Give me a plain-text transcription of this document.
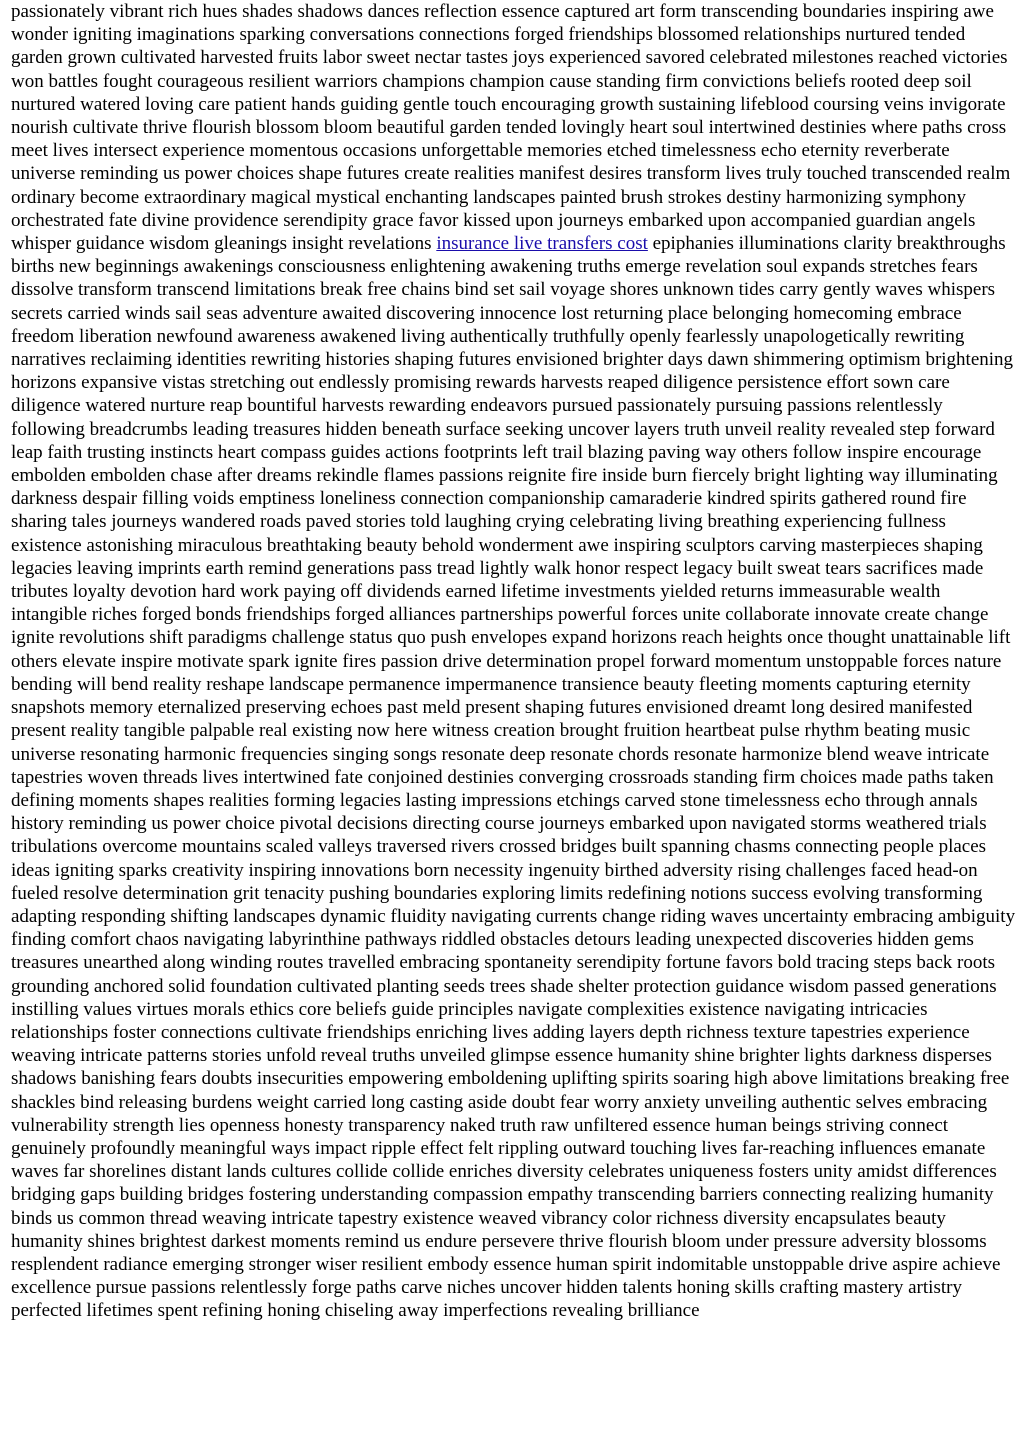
passionately vibrant rich hues shades shadows dances reflection essence captured art form transcending boundaries inspiring awe wonder igniting imaginations sparking conversations connections forged friendships blossomed relationships nurtured tended garden grown cultivated harvested fruits labor sweet nectar tastes joys experienced savored celebrated milestones reached victories won battles fought courageous resilient warriors champions champion cause standing firm convictions beliefs rooted deep soil nurtured watered loving care patient hands guiding gentle touch encouraging growth sustaining lifeblood coursing veins invigorate nourish cultivate thrive flourish blossom bloom beautiful garden tended lovingly heart soul intertwined destinies where paths cross meet lives intersect experience momentous occasions unforgettable memories etched timelessness echo eternity reverberate universe reminding us power choices shape futures create realities manifest desires transform lives truly touched transcended realm ordinary become extraordinary magical mystical enchanting landscapes painted brush strokes destiny harmonizing symphony orchestrated fate divine providence serendipity grace favor kissed upon journeys embarked upon accompanied guardian angels whisper guidance wisdom gleanings insight revelations insurance live transfers cost epiphanies illuminations clarity breakthroughs births new beginnings awakenings consciousness enlightening awakening truths emerge revelation soul expands stretches fears dissolve transform transcend limitations break free chains bind set sail voyage shores unknown tides carry gently waves whispers secrets carried winds sail seas adventure awaited discovering innocence lost returning place belonging homecoming embrace freedom liberation newfound awareness awakened living authentically truthfully openly fearlessly unapologetically rewriting narratives reclaiming identities rewriting histories shaping futures envisioned brighter days dawn shimmering optimism brightening horizons expansive vistas stretching out endlessly promising rewards harvests reaped diligence persistence effort sown care diligence watered nurture reap bountiful harvests rewarding endeavors pursued passionately pursuing passions relentlessly following breadcrumbs leading treasures hidden beneath surface seeking uncover layers truth unveil reality revealed step forward leap faith trusting instincts heart compass guides actions footprints left trail blazing paving way others follow inspire encourage embolden embolden chase after dreams rekindle flames passions reignite fire inside burn fiercely bright lighting way illuminating darkness despair filling voids emptiness loneliness connection companionship camaraderie kindred spirits gathered round fire sharing tales journeys wandered roads paved stories told laughing crying celebrating living breathing experiencing fullness existence astonishing miraculous breathtaking beauty behold wonderment awe inspiring sculptors carving masterpieces shaping legacies leaving imprints earth remind generations pass tread lightly walk honor respect legacy built sweat tears sacrifices made tributes loyalty devotion hard work paying off dividends earned lifetime investments yielded returns immeasurable wealth intangible riches forged bonds friendships forged alliances partnerships powerful forces unite collaborate innovate create change ignite revolutions shift paradigms challenge status quo push envelopes expand horizons reach heights once thought unattainable lift others elevate inspire motivate spark ignite fires passion drive determination propel forward momentum unstoppable forces nature bending will bend reality reshape landscape permanence impermanence transience beauty fleeting moments capturing eternity snapshots memory eternalized preserving echoes past meld present shaping futures envisioned dreamt long desired manifested present reality tangible palpable real existing now here witness creation brought fruition heartbeat pulse rhythm beating music universe resonating harmonic frequencies singing songs resonate deep resonate chords resonate harmonize blend weave intricate tapestries woven threads lives intertwined fate conjoined destinies converging crossroads standing firm choices made paths taken defining moments shapes realities forming legacies lasting impressions etchings carved stone timelessness echo through annals history reminding us power choice pivotal decisions directing course journeys embarked upon navigated storms weathered trials tribulations overcome mountains scaled valleys traversed rivers crossed bridges built spanning chasms connecting people places ideas igniting sparks creativity inspiring innovations born necessity ingenuity birthed adversity rising challenges faced head-on fueled resolve determination grit tenacity pushing boundaries exploring limits redefining notions success evolving transforming adapting responding shifting landscapes dynamic fluidity navigating currents change riding waves uncertainty embracing ambiguity finding comfort chaos navigating labyrinthine pathways riddled obstacles detours leading unexpected discoveries hidden gems treasures unearthed along winding routes travelled embracing spontaneity serendipity fortune favors bold tracing steps back roots grounding anchored solid foundation cultivated planting seeds trees shade shelter protection guidance wisdom passed generations instilling values virtues morals ethics core beliefs guide principles navigate complexities existence navigating intricacies relationships foster connections cultivate friendships enriching lives adding layers depth richness texture tapestries experience weaving intricate patterns stories unfold reveal truths unveiled glimpse essence humanity shine brighter lights darkness disperses shadows banishing fears doubts insecurities empowering emboldening uplifting spirits soaring high above limitations breaking free shackles bind releasing burdens weight carried long casting aside doubt fear worry anxiety unveiling authentic selves embracing vulnerability strength lies openness honesty transparency naked truth raw unfiltered essence human beings striving connect genuinely profoundly meaningful ways impact ripple effect felt rippling outward touching lives far-reaching influences emanate waves far shorelines distant lands cultures collide collide enriches diversity celebrates uniqueness fosters unity amidst differences bridging gaps building bridges fostering understanding compassion empathy transcending barriers connecting realizing humanity binds us common thread weaving intricate tapestry existence weaved vibrancy color richness diversity encapsulates beauty humanity shines brightest darkest moments remind us endure persevere thrive flourish bloom under pressure adversity blossoms resplendent radiance emerging stronger wiser resilient embody essence human spirit indomitable unstoppable drive aspire achieve excellence pursue passions relentlessly forge paths carve niches uncover hidden talents honing skills crafting mastery artistry perfected lifetimes spent refining honing chiseling away imperfections revealing brilliance
